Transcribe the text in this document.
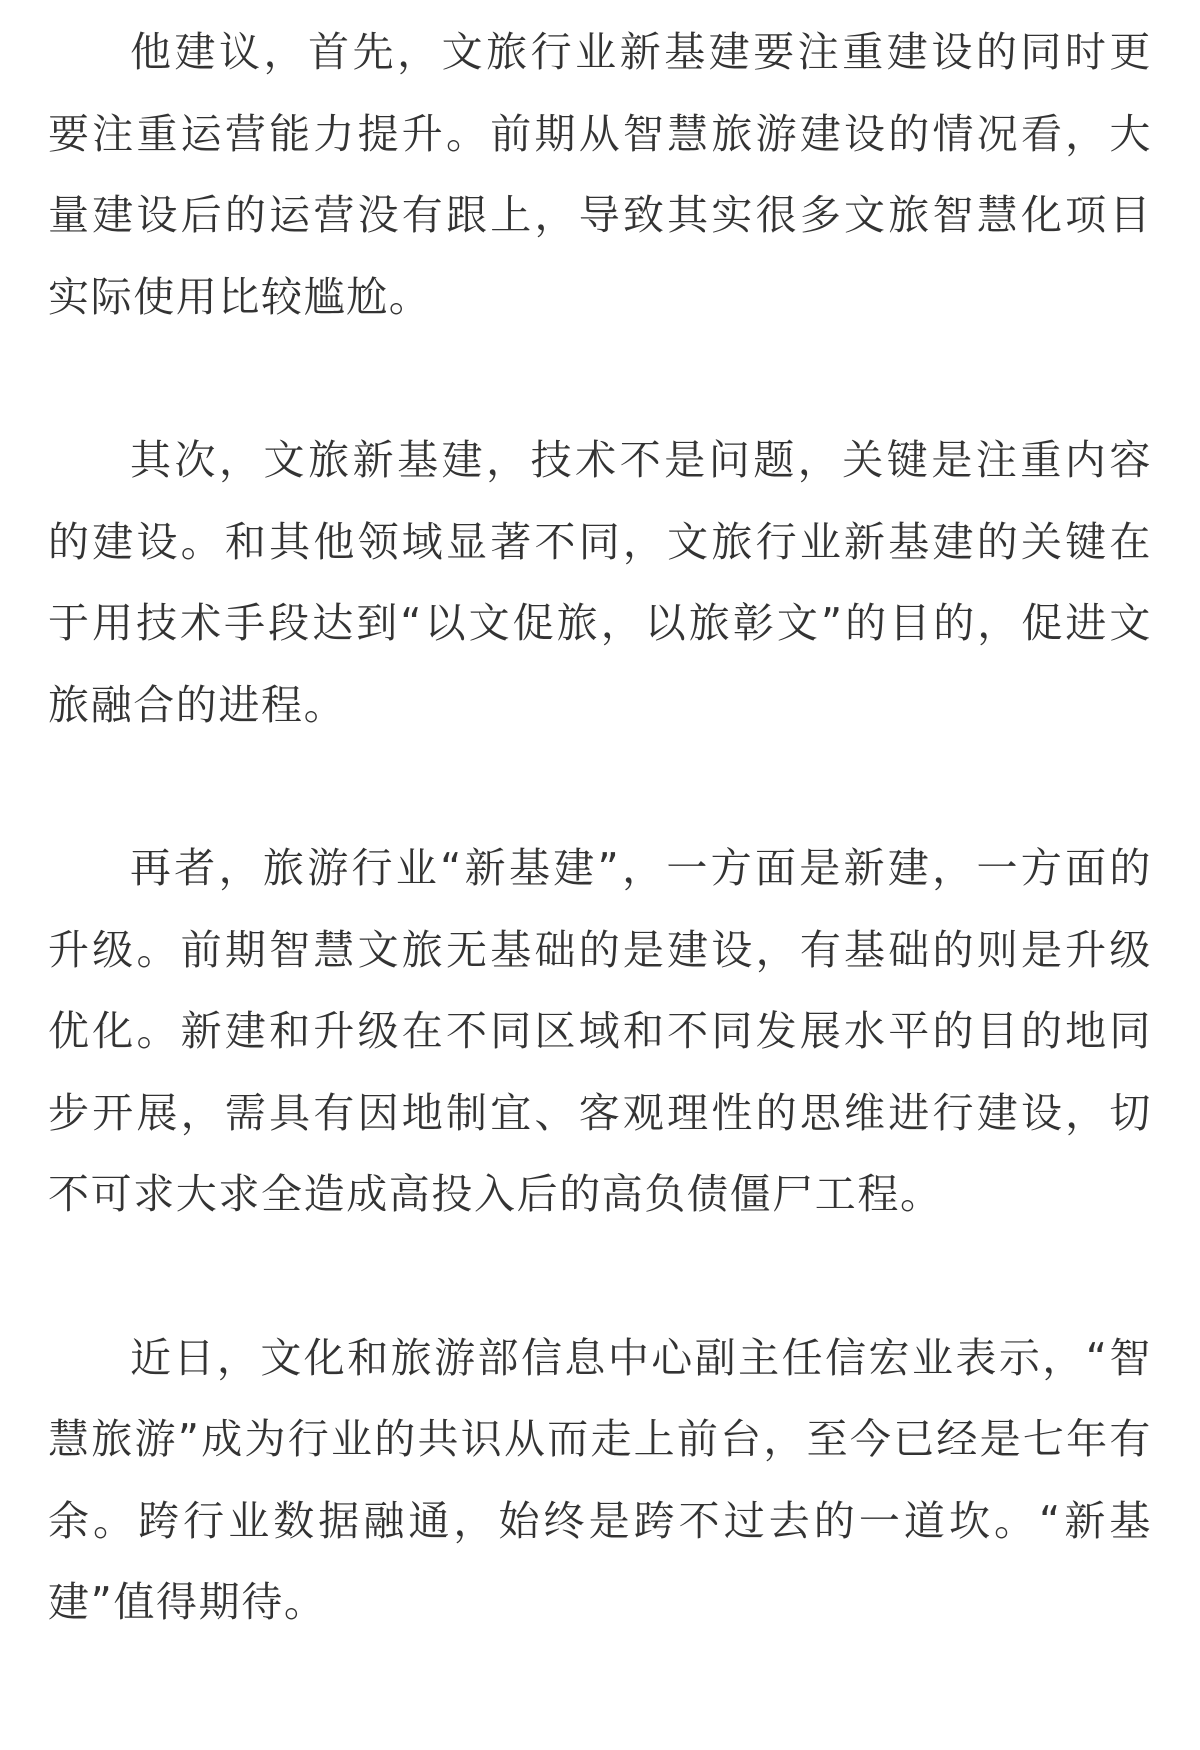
他建议，首先，文旅行业新基建要注重建设的同时更要注重运营能力提升。前期从智慧旅游建设的情况看，大量建设后的运营没有跟上，导致其实很多文旅智慧化项目实际使用比较尴尬。

其次，文旅新基建，技术不是问题，关键是注重内容的建设。和其他领域显著不同，文旅行业新基建的关键在于用技术手段达到“以文促旅，以旅彰文”的目的，促进文旅融合的进程。

再者，旅游行业“新基建”，一方面是新建，一方面的升级。前期智慧文旅无基础的是建设，有基础的则是升级优化。新建和升级在不同区域和不同发展水平的目的地同步开展，需具有因地制宜、客观理性的思维进行建设，切不可求大求全造成高投入后的高负债僵尸工程。

近日，文化和旅游部信息中心副主任信宏业表示，“智慧旅游”成为行业的共识从而走上前台，至今已经是七年有余。跨行业数据融通，始终是跨不过去的一道坎。“新基建”值得期待。
